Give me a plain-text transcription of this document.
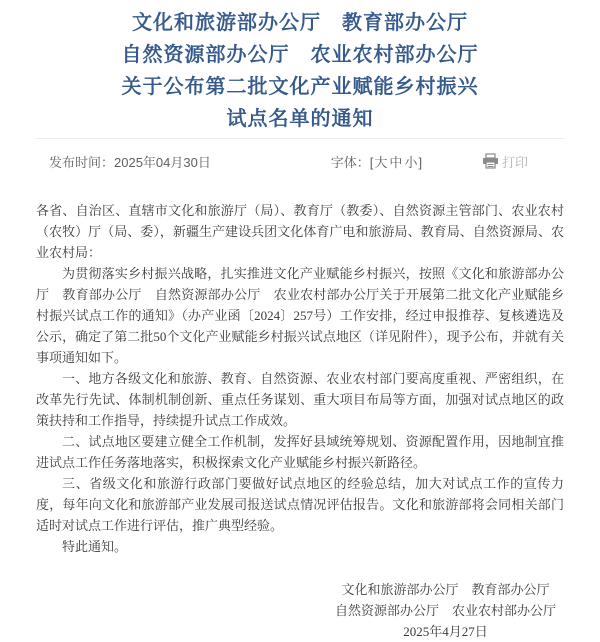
文化和旅游部办公厅　教育部办公厅
自然资源部办公厅　农业农村部办公厅
关于公布第二批文化产业赋能乡村振兴
试点名单的通知
发布时间：2025年04月30日	字体：[大 中 小]	打印

各省、自治区、直辖市文化和旅游厅（局）、教育厅（教委）、自然资源主管部门、农业农村（农牧）厅（局、委），新疆生产建设兵团文化体育广电和旅游局、教育局、自然资源局、农业农村局：

为贯彻落实乡村振兴战略，扎实推进文化产业赋能乡村振兴，按照《文化和旅游部办公厅　教育部办公厅　自然资源部办公厅　农业农村部办公厅关于开展第二批文化产业赋能乡村振兴试点工作的通知》（办产业函〔2024〕257号）工作安排，经过申报推荐、复核遴选及公示，确定了第二批50个文化产业赋能乡村振兴试点地区（详见附件），现予公布，并就有关事项通知如下。

一、地方各级文化和旅游、教育、自然资源、农业农村部门要高度重视、严密组织，在改革先行先试、体制机制创新、重点任务谋划、重大项目布局等方面，加强对试点地区的政策扶持和工作指导，持续提升试点工作成效。

二、试点地区要建立健全工作机制，发挥好县域统筹规划、资源配置作用，因地制宜推进试点工作任务落地落实，积极探索文化产业赋能乡村振兴新路径。

三、省级文化和旅游行政部门要做好试点地区的经验总结，加大对试点工作的宣传力度，每年向文化和旅游部产业发展司报送试点情况评估报告。文化和旅游部将会同相关部门适时对试点工作进行评估，推广典型经验。

特此通知。

文化和旅游部办公厅　教育部办公厅
自然资源部办公厅　农业农村部办公厅
2025年4月27日
